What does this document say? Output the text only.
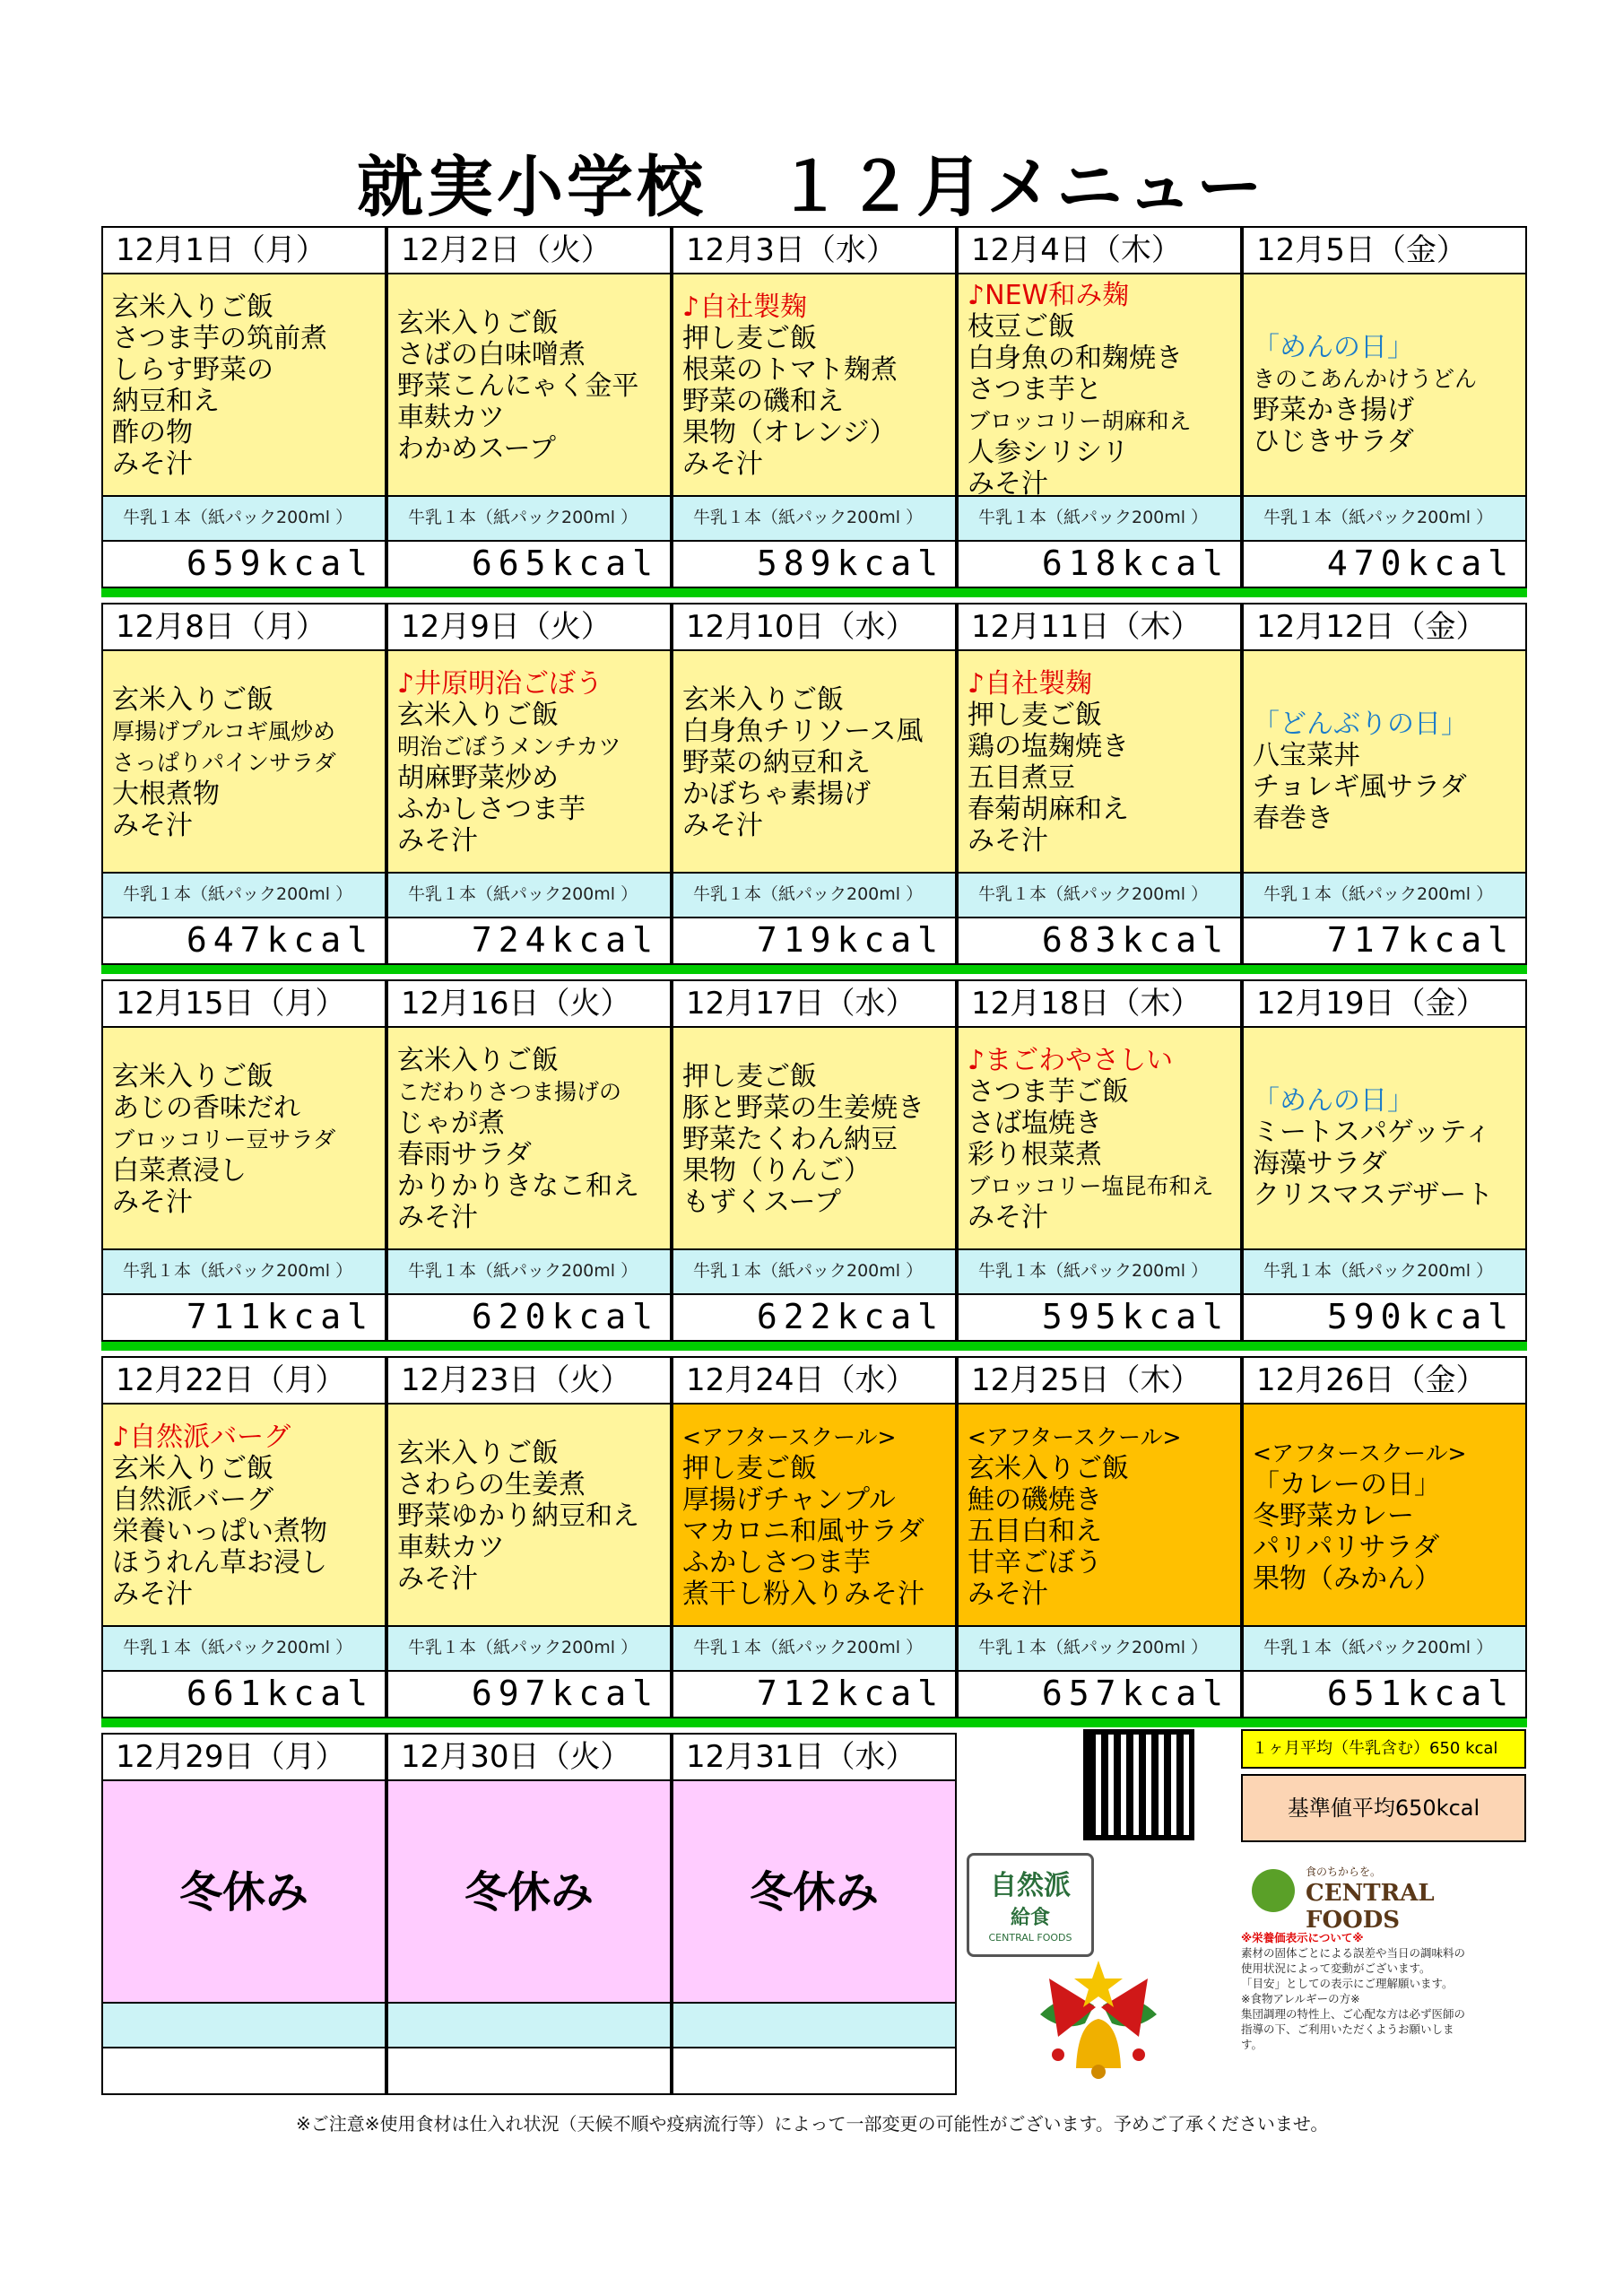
就実小学校　１２月メニュー
12月1日（月）
玄米入りご飯
さつま芋の筑前煮
しらす野菜の
納豆和え
酢の物
みそ汁
牛乳１本（紙パック200ml ）
659kcal
12月2日（火）
玄米入りご飯
さばの白味噌煮
野菜こんにゃく金平
車麸カツ
わかめスープ
牛乳１本（紙パック200ml ）
665kcal
12月3日（水）
♪自社製麹
押し麦ご飯
根菜のトマト麹煮
野菜の磯和え
果物（オレンジ）
みそ汁
牛乳１本（紙パック200ml ）
589kcal
12月4日（木）
♪NEW和み麹
枝豆ご飯
白身魚の和麹焼き
さつま芋と
ブロッコリー胡麻和え
人参シリシリ
みそ汁
牛乳１本（紙パック200ml ）
618kcal
12月5日（金）
「めんの日」
きのこあんかけうどん
野菜かき揚げ
ひじきサラダ
牛乳１本（紙パック200ml ）
470kcal
12月8日（月）
玄米入りご飯
厚揚げプルコギ風炒め
さっぱりパインサラダ
大根煮物
みそ汁
牛乳１本（紙パック200ml ）
647kcal
12月9日（火）
♪井原明治ごぼう
玄米入りご飯
明治ごぼうメンチカツ
胡麻野菜炒め
ふかしさつま芋
みそ汁
牛乳１本（紙パック200ml ）
724kcal
12月10日（水）
玄米入りご飯
白身魚チリソース風
野菜の納豆和え
かぼちゃ素揚げ
みそ汁
牛乳１本（紙パック200ml ）
719kcal
12月11日（木）
♪自社製麹
押し麦ご飯
鶏の塩麹焼き
五目煮豆
春菊胡麻和え
みそ汁
牛乳１本（紙パック200ml ）
683kcal
12月12日（金）
「どんぶりの日」
八宝菜丼
チョレギ風サラダ
春巻き
牛乳１本（紙パック200ml ）
717kcal
12月15日（月）
玄米入りご飯
あじの香味だれ
ブロッコリー豆サラダ
白菜煮浸し
みそ汁
牛乳１本（紙パック200ml ）
711kcal
12月16日（火）
玄米入りご飯
こだわりさつま揚げの
じゃが煮
春雨サラダ
かりかりきなこ和え
みそ汁
牛乳１本（紙パック200ml ）
620kcal
12月17日（水）
押し麦ご飯
豚と野菜の生姜焼き
野菜たくわん納豆
果物（りんご）
もずくスープ
牛乳１本（紙パック200ml ）
622kcal
12月18日（木）
♪まごわやさしい
さつま芋ご飯
さば塩焼き
彩り根菜煮
ブロッコリー塩昆布和え
みそ汁
牛乳１本（紙パック200ml ）
595kcal
12月19日（金）
「めんの日」
ミートスパゲッティ
海藻サラダ
クリスマスデザート
牛乳１本（紙パック200ml ）
590kcal
12月22日（月）
♪自然派バーグ
玄米入りご飯
自然派バーグ
栄養いっぱい煮物
ほうれん草お浸し
みそ汁
牛乳１本（紙パック200ml ）
661kcal
12月23日（火）
玄米入りご飯
さわらの生姜煮
野菜ゆかり納豆和え
車麸カツ
みそ汁
牛乳１本（紙パック200ml ）
697kcal
12月24日（水）
<アフタースクール>
押し麦ご飯
厚揚げチャンプル
マカロニ和風サラダ
ふかしさつま芋
煮干し粉入りみそ汁
牛乳１本（紙パック200ml ）
712kcal
12月25日（木）
<アフタースクール>
玄米入りご飯
鮭の磯焼き
五目白和え
甘辛ごぼう
みそ汁
牛乳１本（紙パック200ml ）
657kcal
12月26日（金）
<アフタースクール>
「カレーの日」
冬野菜カレー
パリパリサラダ
果物（みかん）
牛乳１本（紙パック200ml ）
651kcal
12月29日（月）
冬休み
12月30日（火）
冬休み
12月31日（水）
冬休み
１ヶ月平均（牛乳含む）650 kcal
基準値平均650kcal
自然派
給食
CENTRAL FOODS
食のちからを。
CENTRAL FOODS
※栄養価表示について※
素材の固体ごとによる誤差や当日の調味料の
使用状況によって変動がございます。
「目安」としての表示にご理解願います。
※食物アレルギーの方※
集団調理の特性上、ご心配な方は必ず医師の
指導の下、ご利用いただくようお願いしま
す。
※ご注意※使用食材は仕入れ状況（天候不順や疫病流行等）によって一部変更の可能性がございます。予めご了承くださいませ。
